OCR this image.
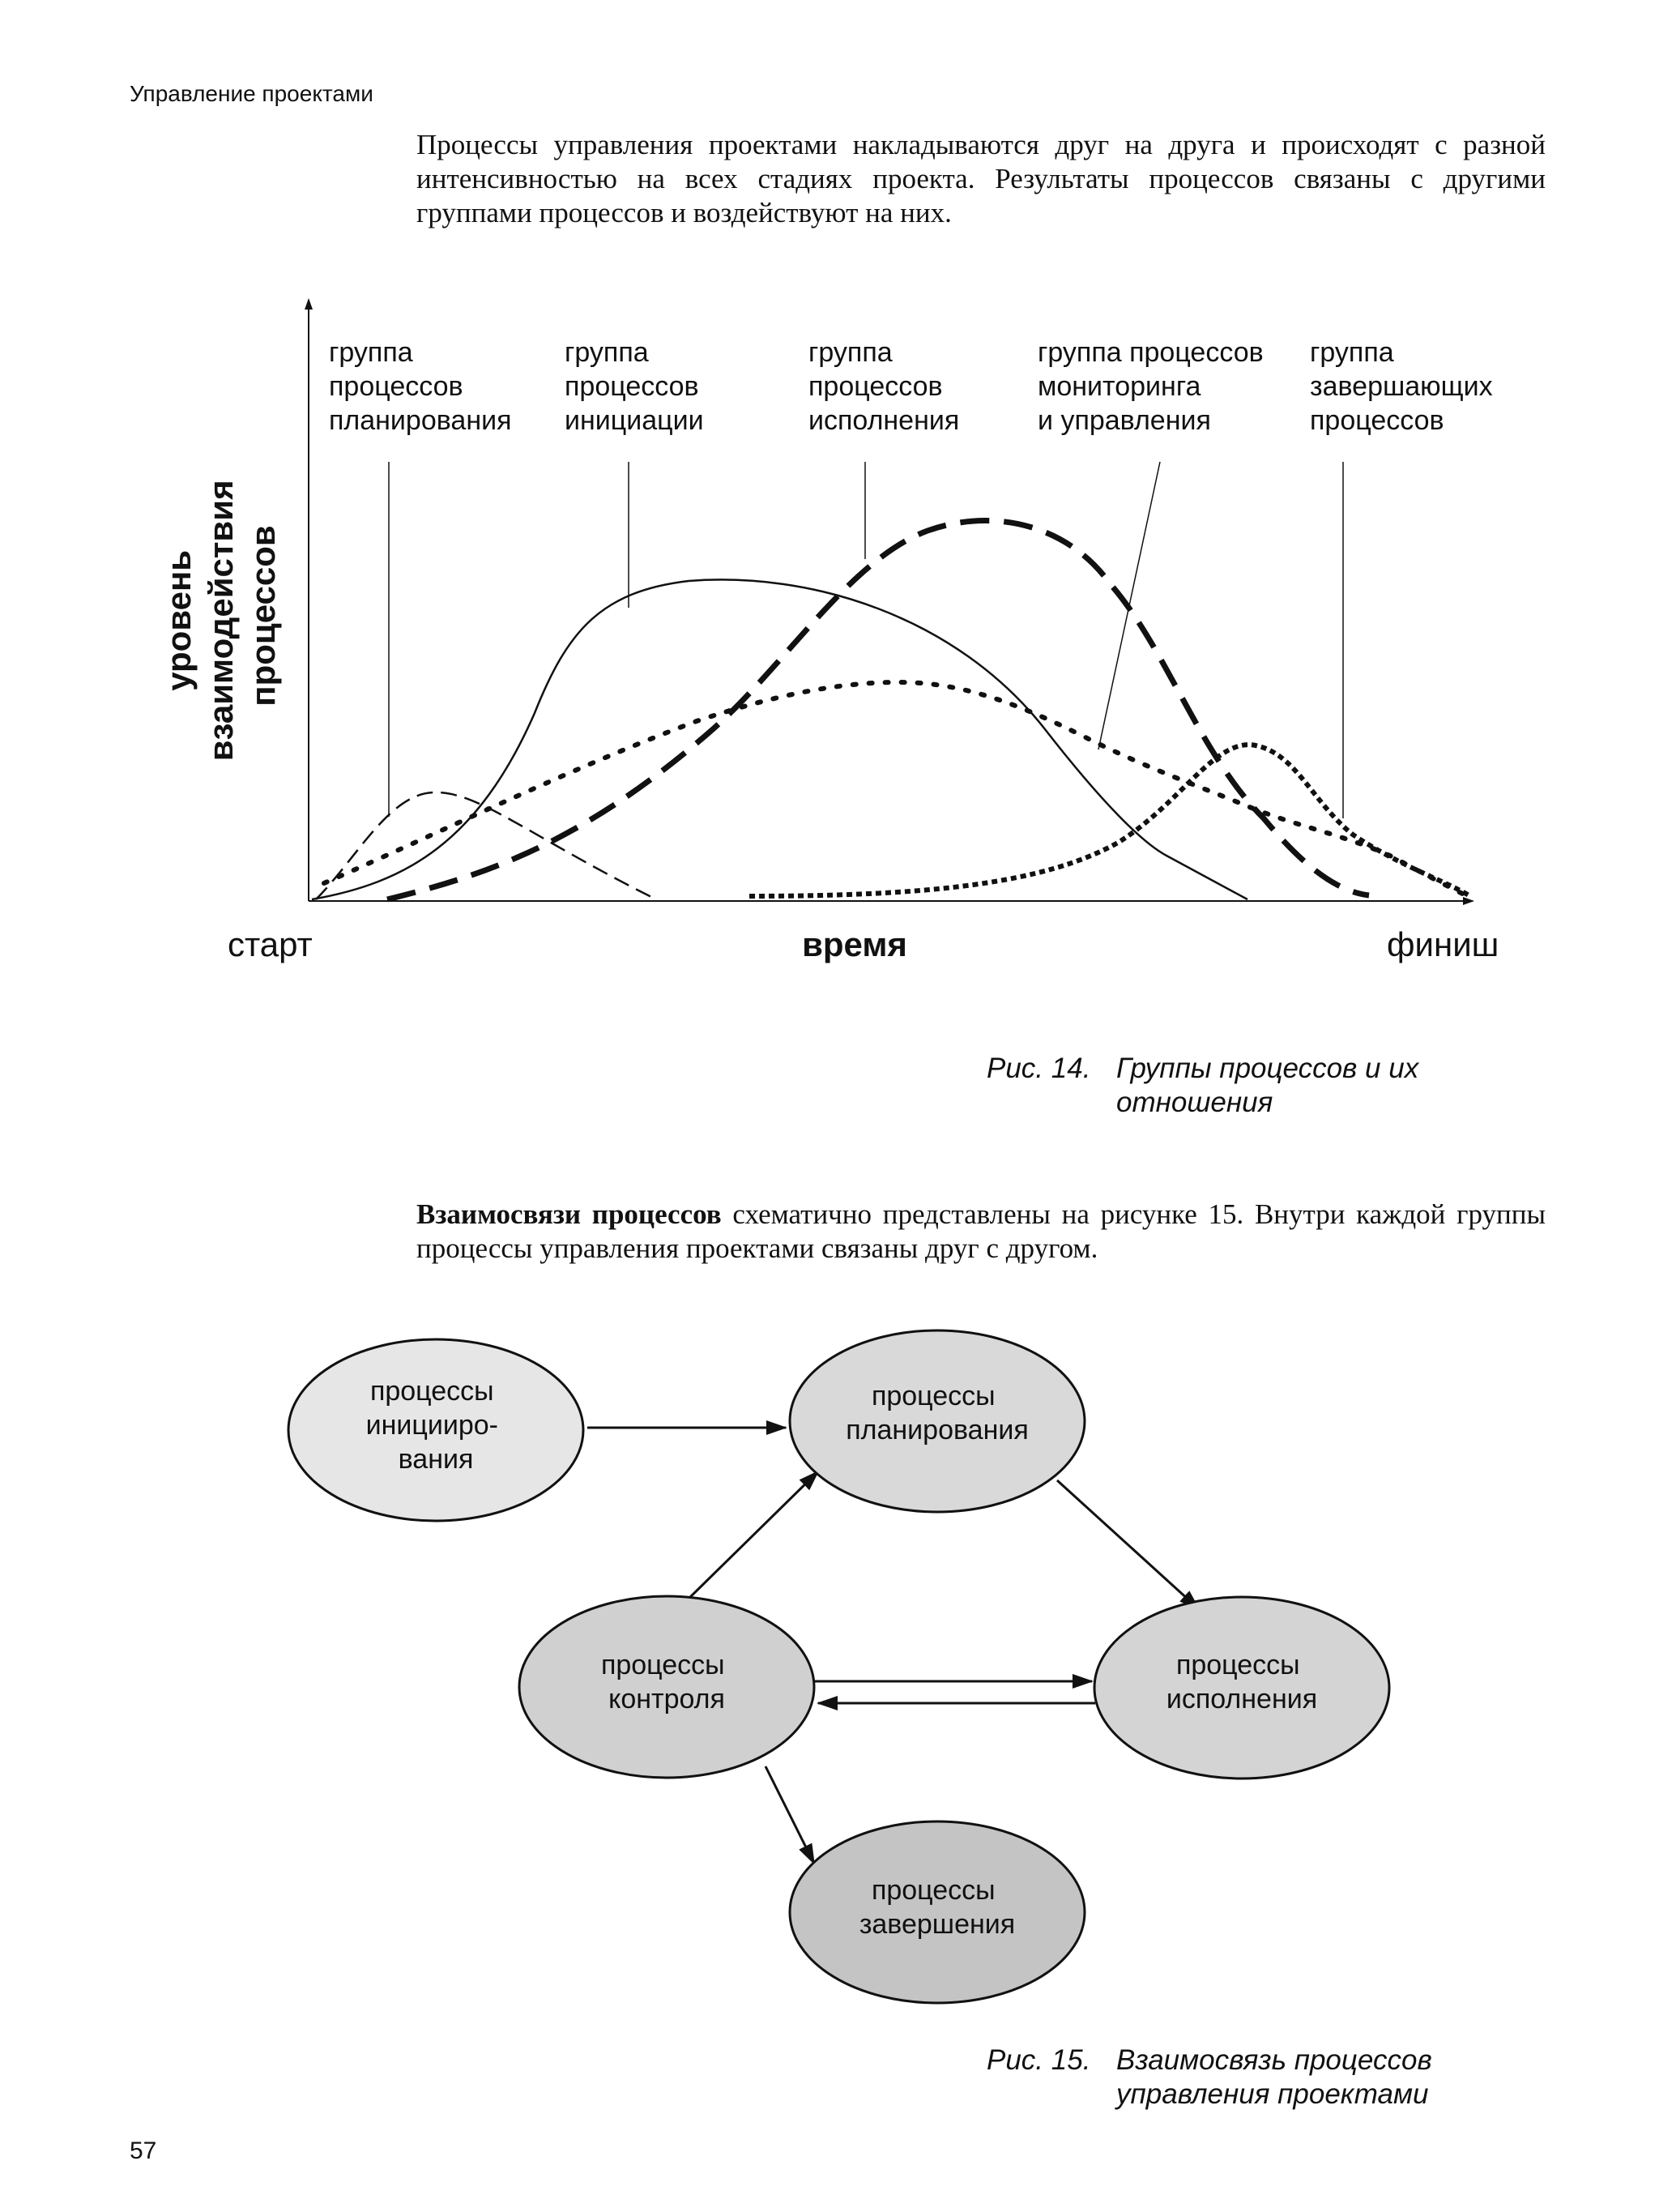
Управление проектами

Процессы управления проектами накладываются друг на друга и происходят с разной интенсивностью на всех стадиях проекта. Результаты процессов связаны с другими группами процессов и воздействуют на них.

группа процессов планирования
группа процессов инициации
группа процессов исполнения
группа процессов мониторинга и управления
группа завершающих процессов
уровень взаимодействия процессов
старт	время	финиш
Рис. 14. Группы процессов и их отношения

Взаимосвязи процессов схематично представлены на рисунке 15. Внутри каждой группы процессы управления проектами связаны друг с другом.

процессы иницииро- вания
процессы планирования
процессы контроля
процессы исполнения
процессы завершения
Рис. 15. Взаимосвязь процессов управления проектами
57
